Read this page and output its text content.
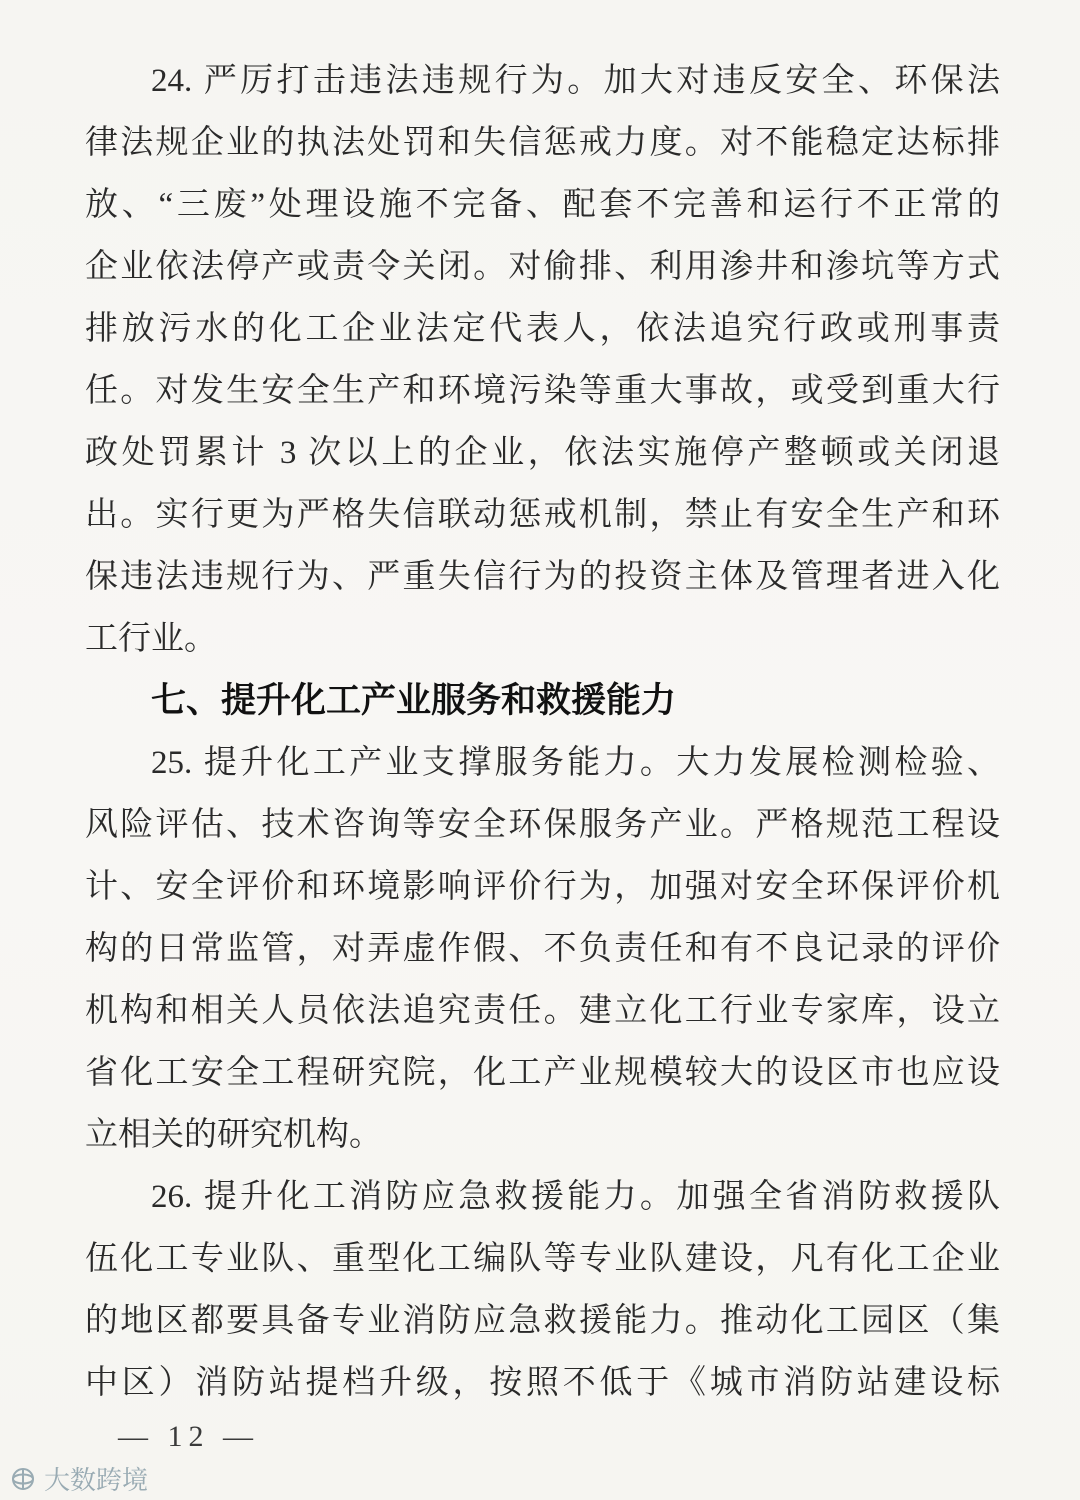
24. 严厉打击违法违规行为。加大对违反安全、环保法
律法规企业的执法处罚和失信惩戒力度。对不能稳定达标排
放、“三废”处理设施不完备、配套不完善和运行不正常的
企业依法停产或责令关闭。对偷排、利用渗井和渗坑等方式
排放污水的化工企业法定代表人，依法追究行政或刑事责
任。对发生安全生产和环境污染等重大事故，或受到重大行
政处罚累计 3 次以上的企业，依法实施停产整顿或关闭退
出。实行更为严格失信联动惩戒机制，禁止有安全生产和环
保违法违规行为、严重失信行为的投资主体及管理者进入化
工行业。
七、提升化工产业服务和救援能力
25. 提升化工产业支撑服务能力。大力发展检测检验、
风险评估、技术咨询等安全环保服务产业。严格规范工程设
计、安全评价和环境影响评价行为，加强对安全环保评价机
构的日常监管，对弄虚作假、不负责任和有不良记录的评价
机构和相关人员依法追究责任。建立化工行业专家库，设立
省化工安全工程研究院，化工产业规模较大的设区市也应设
立相关的研究机构。
26. 提升化工消防应急救援能力。加强全省消防救援队
伍化工专业队、重型化工编队等专业队建设，凡有化工企业
的地区都要具备专业消防应急救援能力。推动化工园区（集
中区）消防站提档升级，按照不低于《城市消防站建设标
— 12 —
大数跨境
